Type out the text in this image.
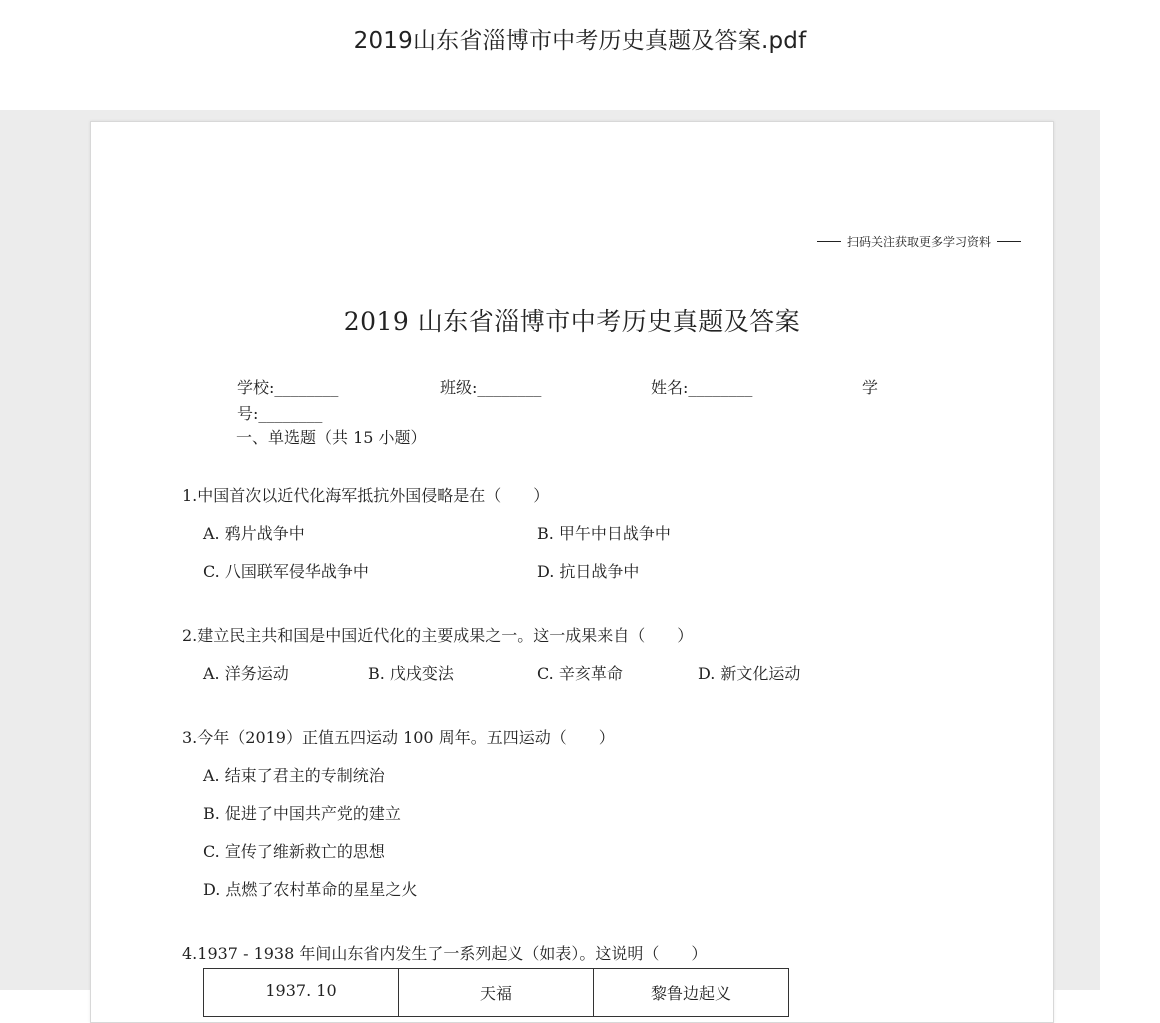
2019山东省淄博市中考历史真题及答案.pdf
扫码关注获取更多学习资料
2019 山东省淄博市中考历史真题及答案
学校:________	班级:________	姓名:________	学
号:________
一、单选题（共 15 小题）
1.中国首次以近代化海军抵抗外国侵略是在（　　）
A. 鸦片战争中	B. 甲午中日战争中
C. 八国联军侵华战争中	D. 抗日战争中
2.建立民主共和国是中国近代化的主要成果之一。这一成果来自（　　）
A. 洋务运动	B. 戊戌变法	C. 辛亥革命	D. 新文化运动
3.今年（2019）正值五四运动 100 周年。五四运动（　　）
A. 结束了君主的专制统治
B. 促进了中国共产党的建立
C. 宣传了维新救亡的思想
D. 点燃了农村革命的星星之火
4.1937 - 1938 年间山东省内发生了一系列起义（如表）。这说明（　　）
1937. 10	天福	黎鲁边起义
